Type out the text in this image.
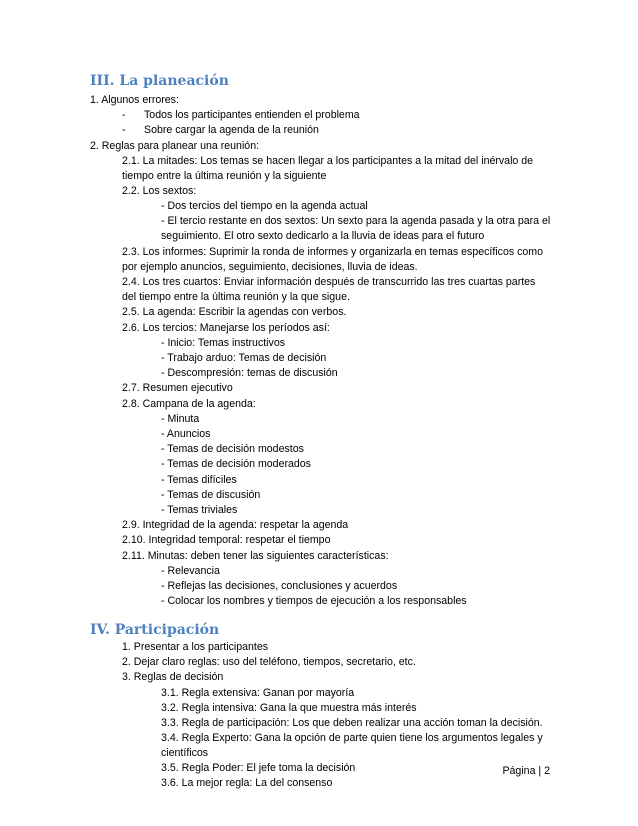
III. La planeación
1. Algunos errores:
- Todos los participantes entienden el problema
- Sobre cargar la agenda de la reunión
2. Reglas para planear una reunión:
2.1. La mitades: Los temas se hacen llegar a los participantes a la mitad del inérvalo de
tiempo entre la última reunión y la siguiente
2.2. Los sextos:
- Dos tercios del tiempo en la agenda actual
- El tercio restante en dos sextos: Un sexto para la agenda pasada y la otra para el
seguimiento. El otro sexto dedicarlo a la lluvia de ideas para el futuro
2.3. Los informes: Suprimir la ronda de informes y organizarla en temas específicos como
por ejemplo anuncios, seguimiento, decisiones, lluvia de ideas.
2.4. Los tres cuartos: Enviar información después de transcurrido las tres cuartas partes
del tiempo entre la última reunión y la que sigue.
2.5. La agenda: Escribir la agendas con verbos.
2.6. Los tercios: Manejarse los períodos así:
- Inicio: Temas instructivos
- Trabajo arduo: Temas de decisión
- Descompresión: temas de discusión
2.7. Resumen ejecutivo
2.8. Campana de la agenda:
- Minuta
- Anuncios
- Temas de decisión modestos
- Temas de decisión moderados
- Temas difíciles
- Temas de discusión
- Temas triviales
2.9. Integridad de la agenda: respetar la agenda
2.10. Integridad temporal: respetar el tiempo
2.11. Minutas: deben tener las siguientes características:
- Relevancia
- Reflejas las decisiones, conclusiones y acuerdos
- Colocar los nombres y tiempos de ejecución a los responsables
IV. Participación
1. Presentar a los participantes
2. Dejar claro reglas: uso del teléfono, tiempos, secretario, etc.
3. Reglas de decisión
3.1. Regla extensiva: Ganan por mayoría
3.2. Regla intensiva: Gana la que muestra más interés
3.3. Regla de participación: Los que deben realizar una acción toman la decisión.
3.4. Regla Experto: Gana la opción de parte quien tiene los argumentos legales y
científicos
3.5. Regla Poder: El jefe toma la decisión
3.6. La mejor regla: La del consenso
Página | 2
